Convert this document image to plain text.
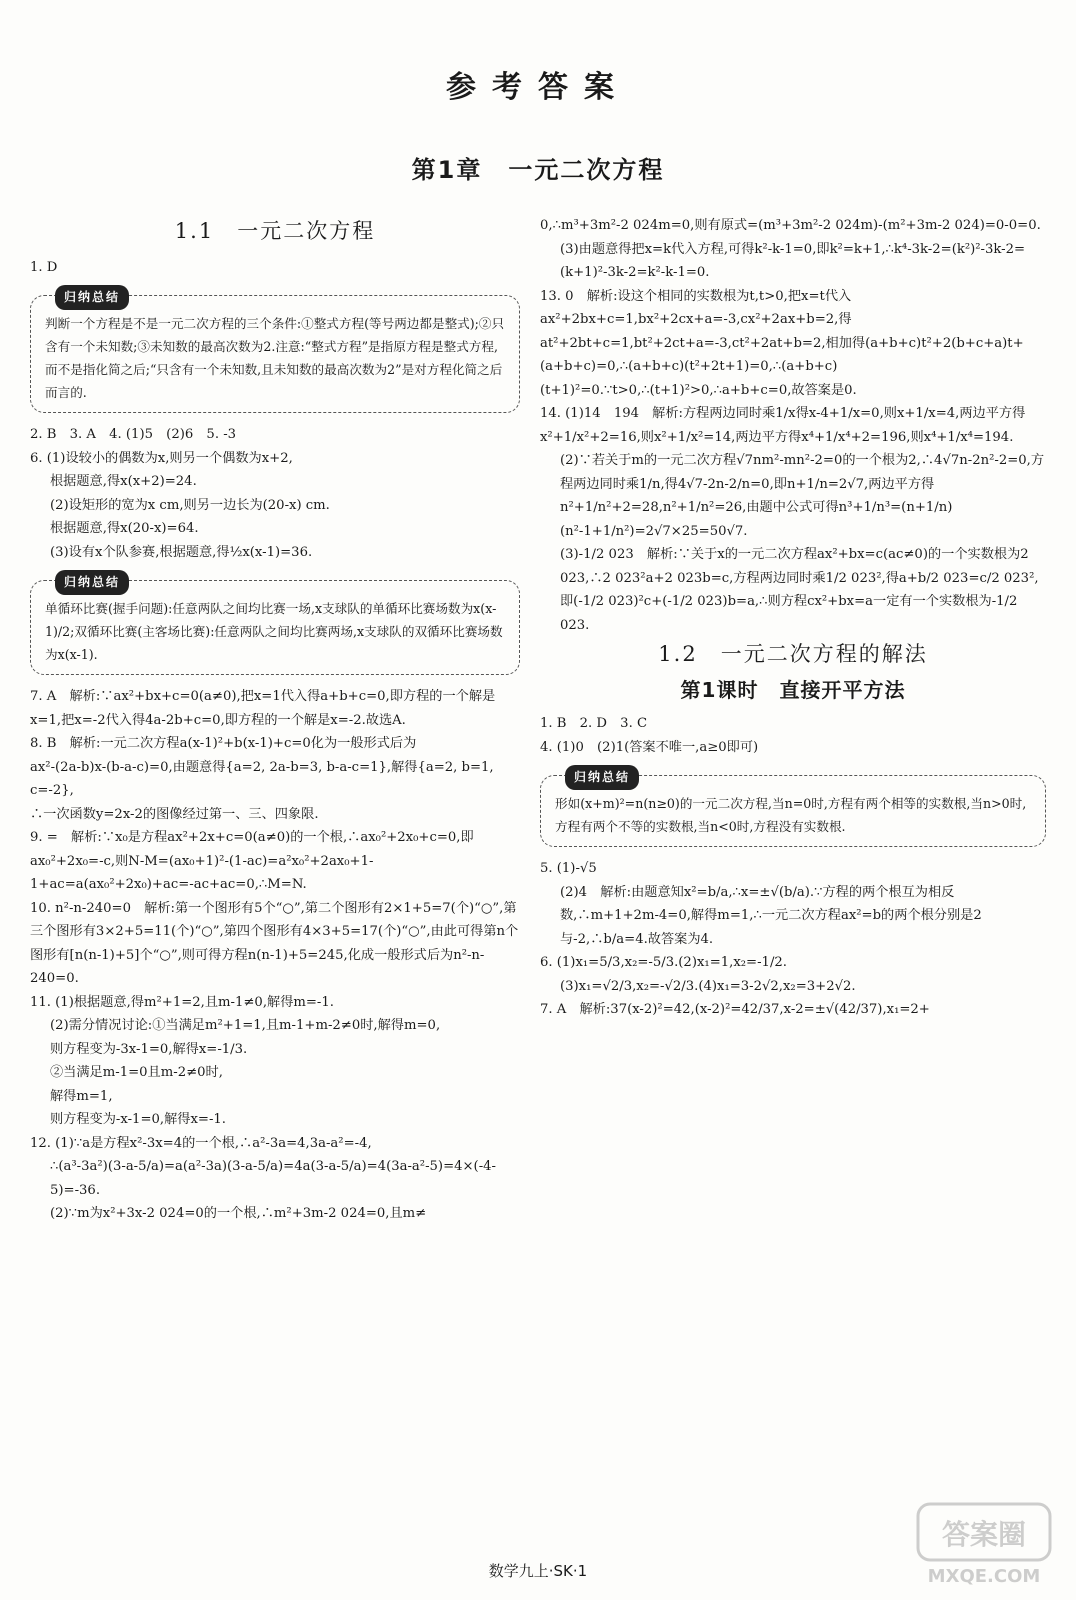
参考答案
第1章　一元二次方程
1.1　一元二次方程

1. D

归纳总结

判断一个方程是不是一元二次方程的三个条件:①整式方程(等号两边都是整式);②只含有一个未知数;③未知数的最高次数为2.注意:“整式方程”是指原方程是整式方程,而不是指化简之后;“只含有一个未知数,且未知数的最高次数为2”是对方程化简之后而言的.

2. B　3. A　4. (1)5　(2)6　5. -3

6. (1)设较小的偶数为x,则另一个偶数为x+2,

根据题意,得x(x+2)=24.

(2)设矩形的宽为x cm,则另一边长为(20-x) cm.

根据题意,得x(20-x)=64.

(3)设有x个队参赛,根据题意,得½x(x-1)=36.

归纳总结

单循环比赛(握手问题):任意两队之间均比赛一场,x支球队的单循环比赛场数为x(x-1)/2;双循环比赛(主客场比赛):任意两队之间均比赛两场,x支球队的双循环比赛场数为x(x-1).

7. A　解析:∵ax²+bx+c=0(a≠0),把x=1代入得a+b+c=0,即方程的一个解是x=1,把x=-2代入得4a-2b+c=0,即方程的一个解是x=-2.故选A.

8. B　解析:一元二次方程a(x-1)²+b(x-1)+c=0化为一般形式后为

ax²-(2a-b)x-(b-a-c)=0,由题意得{a=2, 2a-b=3, b-a-c=1},解得{a=2, b=1, c=-2},

∴一次函数y=2x-2的图像经过第一、三、四象限.

9. =　解析:∵x₀是方程ax²+2x+c=0(a≠0)的一个根,∴ax₀²+2x₀+c=0,即ax₀²+2x₀=-c,则N-M=(ax₀+1)²-(1-ac)=a²x₀²+2ax₀+1-1+ac=a(ax₀²+2x₀)+ac=-ac+ac=0,∴M=N.

10. n²-n-240=0　解析:第一个图形有5个“○”,第二个图形有2×1+5=7(个)“○”,第三个图形有3×2+5=11(个)“○”,第四个图形有4×3+5=17(个)“○”,由此可得第n个图形有[n(n-1)+5]个“○”,则可得方程n(n-1)+5=245,化成一般形式后为n²-n-240=0.

11. (1)根据题意,得m²+1=2,且m-1≠0,解得m=-1.

(2)需分情况讨论:①当满足m²+1=1,且m-1+m-2≠0时,解得m=0,

则方程变为-3x-1=0,解得x=-1/3.

②当满足m-1=0且m-2≠0时,

解得m=1,

则方程变为-x-1=0,解得x=-1.

12. (1)∵a是方程x²-3x=4的一个根,∴a²-3a=4,3a-a²=-4,

∴(a³-3a²)(3-a-5/a)=a(a²-3a)(3-a-5/a)=4a(3-a-5/a)=4(3a-a²-5)=4×(-4-5)=-36.

(2)∵m为x²+3x-2 024=0的一个根,∴m²+3m-2 024=0,且m≠

0,∴m³+3m²-2 024m=0,则有原式=(m³+3m²-2 024m)-(m²+3m-2 024)=0-0=0.

(3)由题意得把x=k代入方程,可得k²-k-1=0,即k²=k+1,∴k⁴-3k-2=(k²)²-3k-2=(k+1)²-3k-2=k²-k-1=0.

13. 0　解析:设这个相同的实数根为t,t>0,把x=t代入ax²+2bx+c=1,bx²+2cx+a=-3,cx²+2ax+b=2,得at²+2bt+c=1,bt²+2ct+a=-3,ct²+2at+b=2,相加得(a+b+c)t²+2(b+c+a)t+(a+b+c)=0,∴(a+b+c)(t²+2t+1)=0,∴(a+b+c)(t+1)²=0.∵t>0,∴(t+1)²>0,∴a+b+c=0,故答案是0.

14. (1)14　194　解析:方程两边同时乘1/x得x-4+1/x=0,则x+1/x=4,两边平方得x²+1/x²+2=16,则x²+1/x²=14,两边平方得x⁴+1/x⁴+2=196,则x⁴+1/x⁴=194.

(2)∵若关于m的一元二次方程√7nm²-mn²-2=0的一个根为2,∴4√7n-2n²-2=0,方程两边同时乘1/n,得4√7-2n-2/n=0,即n+1/n=2√7,两边平方得n²+1/n²+2=28,n²+1/n²=26,由题中公式可得n³+1/n³=(n+1/n)(n²-1+1/n²)=2√7×25=50√7.

(3)-1/2 023　解析:∵关于x的一元二次方程ax²+bx=c(ac≠0)的一个实数根为2 023,∴2 023²a+2 023b=c,方程两边同时乘1/2 023²,得a+b/2 023=c/2 023²,即(-1/2 023)²c+(-1/2 023)b=a,∴则方程cx²+bx=a一定有一个实数根为-1/2 023.

1.2　一元二次方程的解法
第1课时　直接开平方法

1. B　2. D　3. C

4. (1)0　(2)1(答案不唯一,a≥0即可)

归纳总结

形如(x+m)²=n(n≥0)的一元二次方程,当n=0时,方程有两个相等的实数根,当n>0时,方程有两个不等的实数根,当n<0时,方程没有实数根.

5. (1)-√5

(2)4　解析:由题意知x²=b/a,∴x=±√(b/a).∵方程的两个根互为相反数,∴m+1+2m-4=0,解得m=1,∴一元二次方程ax²=b的两个根分别是2与-2,∴b/a=4.故答案为4.

6. (1)x₁=5/3,x₂=-5/3.(2)x₁=1,x₂=-1/2.

(3)x₁=√2/3,x₂=-√2/3.(4)x₁=3-2√2,x₂=3+2√2.

7. A　解析:37(x-2)²=42,(x-2)²=42/37,x-2=±√(42/37),x₁=2+

数学九上·SK·1
答案圈
MXQE.COM
